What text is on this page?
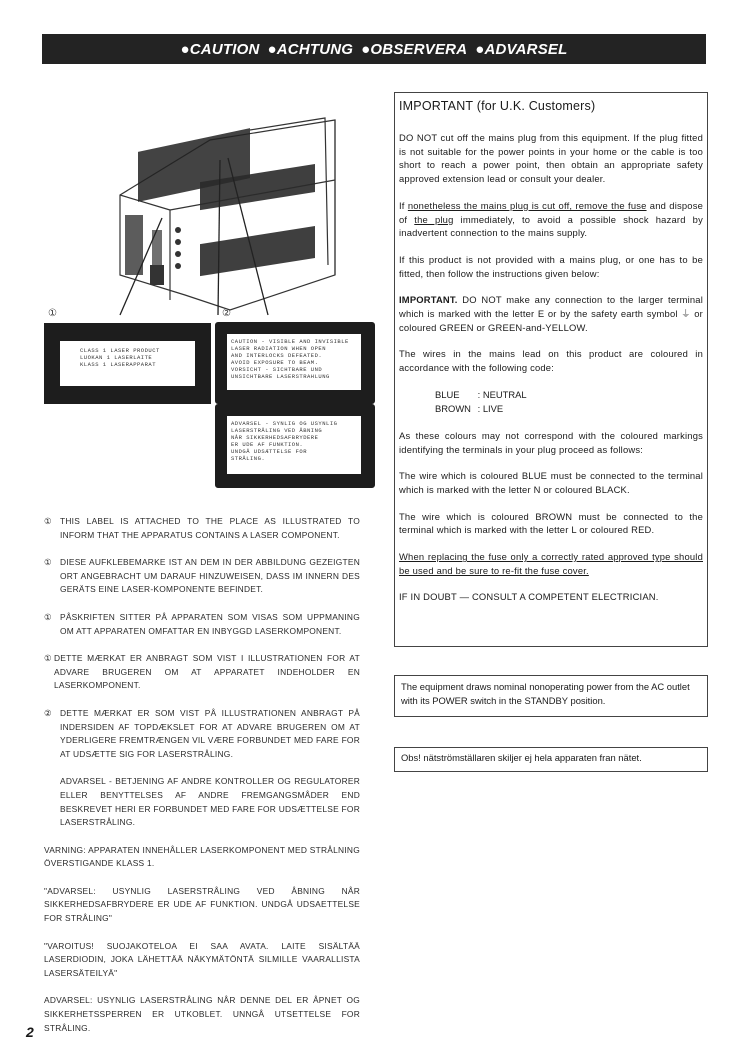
●CAUTION ●ACHTUNG ●OBSERVERA ●ADVARSEL
①	②
CLASS 1 LASER PRODUCT
LUOKAN 1 LASERLAITE
KLASS 1 LASERAPPARAT
CAUTION - VISIBLE AND INVISIBLE
LASER RADIATION WHEN OPEN
AND INTERLOCKS DEFEATED.
AVOID EXPOSURE TO BEAM.
VORSICHT - SICHTBARE UND
UNSICHTBARE LASERSTRAHLUNG
ADVARSEL - SYNLIG OG USYNLIG
LASERSTRÅLING VED ÅBNING
NÅR SIKKERHEDSAFBRYDERE
ER UDE AF FUNKTION.
UNDGÅ UDSÆTTELSE FOR
STRÅLING.
① THIS LABEL IS ATTACHED TO THE PLACE AS ILLUSTRATED TO INFORM THAT THE APPARATUS CONTAINS A LASER COMPONENT.
① DIESE AUFKLEBEMARKE IST AN DEM IN DER ABBILDUNG GEZEIGTEN ORT ANGEBRACHT UM DARAUF HINZUWEISEN, DASS IM INNERN DES GERÄTS EINE LASER-KOMPONENTE BEFINDET.
① PÅSKRIFTEN SITTER PÅ APPARATEN SOM VISAS SOM UPPMANING OM ATT APPARATEN OMFATTAR EN INBYGGD LASERKOMPONENT.
① DETTE MÆRKAT ER ANBRAGT SOM VIST I ILLUSTRATIONEN FOR AT ADVARE BRUGEREN OM AT APPARATET INDEHOLDER EN LASERKOMPONENT.
② DETTE MÆRKAT ER SOM VIST PÅ ILLUSTRATIONEN ANBRAGT PÅ INDERSIDEN AF TOPDÆKSLET FOR AT ADVARE BRUGEREN OM AT YDERLIGERE FREMTRÆNGEN VIL VÆRE FORBUNDET MED FARE FOR AT UDSÆTTE SIG FOR LASERSTRÅLING.
ADVARSEL - BETJENING AF ANDRE KONTROLLER OG REGULATORER ELLER BENYTTELSES AF ANDRE FREMGANGSMÅDER END BESKREVET HERI ER FORBUNDET MED FARE FOR UDSÆTTELSE FOR LASERSTRÅLING.
VARNING: APPARATEN INNEHÅLLER LASERKOMPONENT MED STRÅLNING ÖVERSTIGANDE KLASS 1.
"ADVARSEL: USYNLIG LASERSTRÅLING VED ÅBNING NÅR SIKKERHEDSAFBRYDERE ER UDE AF FUNKTION. UNDGÅ UDSAETTELSE FOR STRÅLING"
"VAROITUS! SUOJAKOTELOA EI SAA AVATA. LAITE SISÄLTÄÄ LASERDIODIN, JOKA LÄHETTÄÄ NÄKYMÄTÖNTÄ SILMILLE VAARALLISTA LASERSÄTEILYÄ"
ADVARSEL: USYNLIG LASERSTRÅLING NÅR DENNE DEL ER ÅPNET OG SIKKERHETSSPERREN ER UTKOBLET. UNNGÅ UTSETTELSE FOR STRÅLING.
IMPORTANT (for U.K. Customers)

DO NOT cut off the mains plug from this equipment. If the plug fitted is not suitable for the power points in your home or the cable is too short to reach a power point, then obtain an appropriate safety approved extension lead or consult your dealer.

If nonetheless the mains plug is cut off, remove the fuse and dispose of the plug immediately, to avoid a possible shock hazard by inadvertent connection to the mains supply.

If this product is not provided with a mains plug, or one has to be fitted, then follow the instructions given below:

IMPORTANT. DO NOT make any connection to the larger terminal which is marked with the letter E or by the safety earth symbol ⏚ or coloured GREEN or GREEN-and-YELLOW.

The wires in the mains lead on this product are coloured in accordance with the following code:

BLUE : NEUTRAL
BROWN : LIVE

As these colours may not correspond with the coloured markings identifying the terminals in your plug proceed as follows:

The wire which is coloured BLUE must be connected to the terminal which is marked with the letter N or coloured BLACK.

The wire which is coloured BROWN must be connected to the terminal which is marked with the letter L or coloured RED.

When replacing the fuse only a correctly rated approved type should be used and be sure to re-fit the fuse cover.

IF IN DOUBT — CONSULT A COMPETENT ELECTRICIAN.

The equipment draws nominal nonoperating power from the AC outlet with its POWER switch in the STANDBY position.
Obs! nätströmställaren skiljer ej hela apparaten fran nätet.
2
